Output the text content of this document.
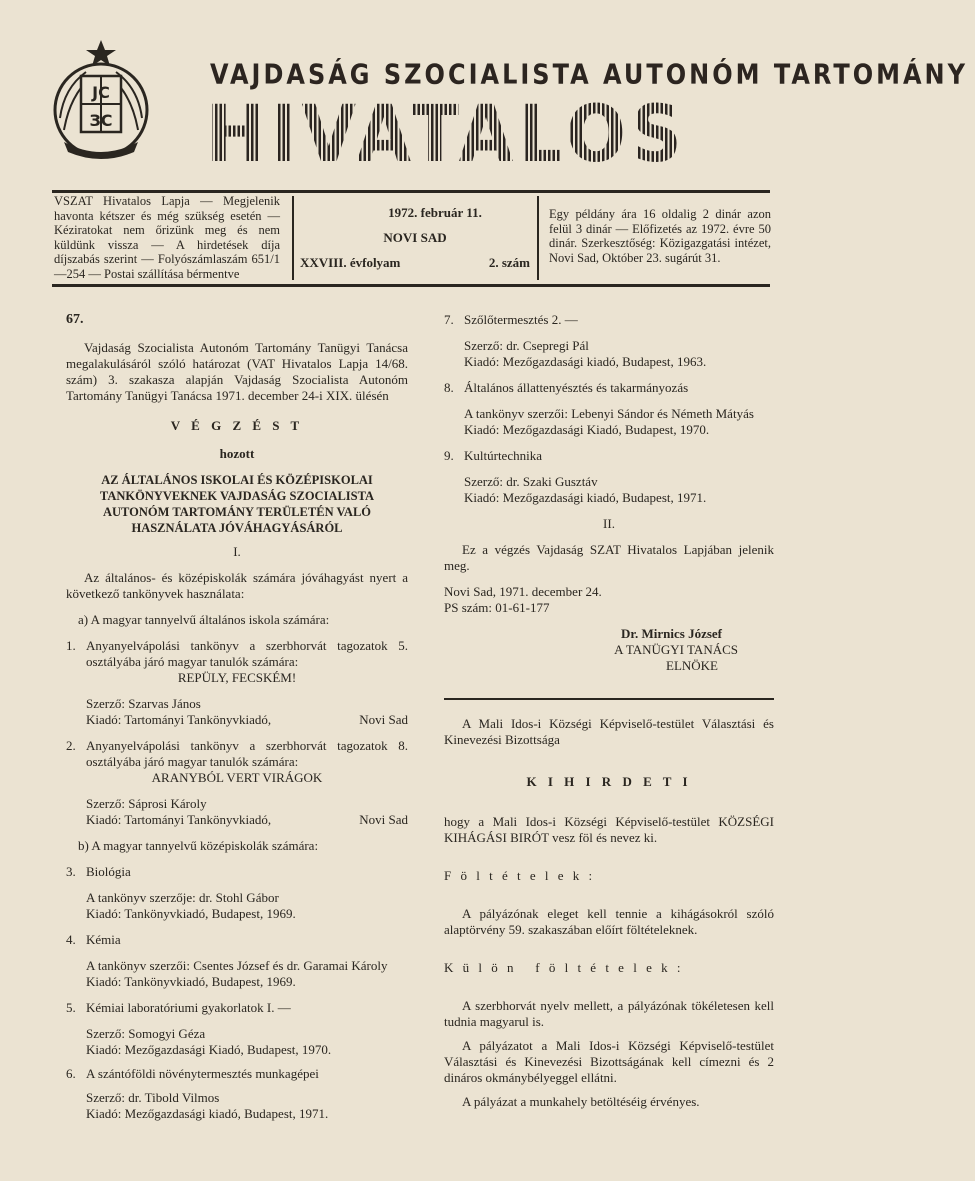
ЈС
ЗС
VAJDASÁG SZOCIALISTA AUTONÓM TARTOMÁNY
HIVATALOS LAPJA
VSZAT Hivatalos Lapja — Megjelenik havonta kétszer és még szükség esetén — Kéziratokat nem őrizünk meg és nem küldünk vissza — A hirdetések díja díjszabás szerint — Folyószámlaszám 651/1—254 — Postai szállítása bérmentve
1972. február 11.
NOVI SAD
XXVIII. évfolyam	2. szám
Egy példány ára 16 oldalig 2 dinár azon felül 3 dinár — Előfizetés az 1972. évre 50 dinár. Szerkesztőség: Közigazgatási intézet, Novi Sad, Október 23. sugárút 31.
67.

Vajdaság Szocialista Autonóm Tartomány Tanügyi Tanácsa megalakulásáról szóló határozat (VAT Hivatalos Lapja 14/68. szám) 3. szakasza alapján Vajdaság Szocialista Autonóm Tartomány Tanügyi Tanácsa 1971. december 24-i XIX. ülésén

V É G Z É S T

hozott

AZ ÁLTALÁNOS ISKOLAI ÉS KÖZÉPISKOLAI TANKÖNYVEKNEK VAJDASÁG SZOCIALISTA AUTONÓM TARTOMÁNY TERÜLETÉN VALÓ HASZNÁLATA JÓVÁHAGYÁSÁRÓL

I.

Az általános- és középiskolák számára jóváhagyást nyert a következő tankönyvek használata:

a) A magyar tannyelvű általános iskola számára:

1. Anyanyelvápolási tankönyv a szerbhorvát tagozatok 5. osztályába járó magyar tanulók számára:

REPÜLY, FECSKÉM!

Szerző: Szarvas János

Kiadó: Tartományi Tankönyvkiadó,	Novi Sad
2. Anyanyelvápolási tankönyv a szerbhorvát tagozatok 8. osztályába járó magyar tanulók számára:

ARANYBÓL VERT VIRÁGOK

Szerző: Sáprosi Károly

Kiadó: Tartományi Tankönyvkiadó,	Novi Sad

b) A magyar tannyelvű középiskolák számára:

3. Biológia

A tankönyv szerzője: dr. Stohl Gábor

Kiadó: Tankönyvkiadó, Budapest, 1969.

4. Kémia

A tankönyv szerzői: Csentes József és dr. Garamai Károly

Kiadó: Tankönyvkiadó, Budapest, 1969.

5. Kémiai laboratóriumi gyakorlatok I. —

Szerző: Somogyi Géza

Kiadó: Mezőgazdasági Kiadó, Budapest, 1970.

6. A szántóföldi növénytermesztés munkagépei

Szerző: dr. Tibold Vilmos

Kiadó: Mezőgazdasági kiadó, Budapest, 1971.

7. Szőlőtermesztés 2. —

Szerző: dr. Csepregi Pál

Kiadó: Mezőgazdasági kiadó, Budapest, 1963.

8. Általános állattenyésztés és takarmányozás

A tankönyv szerzői: Lebenyi Sándor és Németh Mátyás

Kiadó: Mezőgazdasági Kiadó, Budapest, 1970.

9. Kultúrtechnika

Szerző: dr. Szaki Gusztáv

Kiadó: Mezőgazdasági kiadó, Budapest, 1971.

II.

Ez a végzés Vajdaság SZAT Hivatalos Lapjában jelenik meg.

Novi Sad, 1971. december 24.

PS szám: 01-61-177

Dr. Mirnics József

A TANÜGYI TANÁCS

ELNÖKE

A Mali Idos-i Községi Képviselő-testület Választási és Kinevezési Bizottsága

K I H I R D E T I

hogy a Mali Idos-i Községi Képviselő-testület KÖZSÉGI KIHÁGÁSI BIRÓT vesz föl és nevez ki.

F ö l t é t e l e k :

A pályázónak eleget kell tennie a kihágásokról szóló alaptörvény 59. szakaszában előírt föltételeknek.

K ü l ö n   f ö l t é t e l e k :

A szerbhorvát nyelv mellett, a pályázónak tökéletesen kell tudnia magyarul is.

A pályázatot a Mali Idos-i Községi Képviselő-testület Választási és Kinevezési Bizottságának kell címezni és 2 dináros okmánybélyeggel ellátni.

A pályázat a munkahely betöltéséig érvényes.
